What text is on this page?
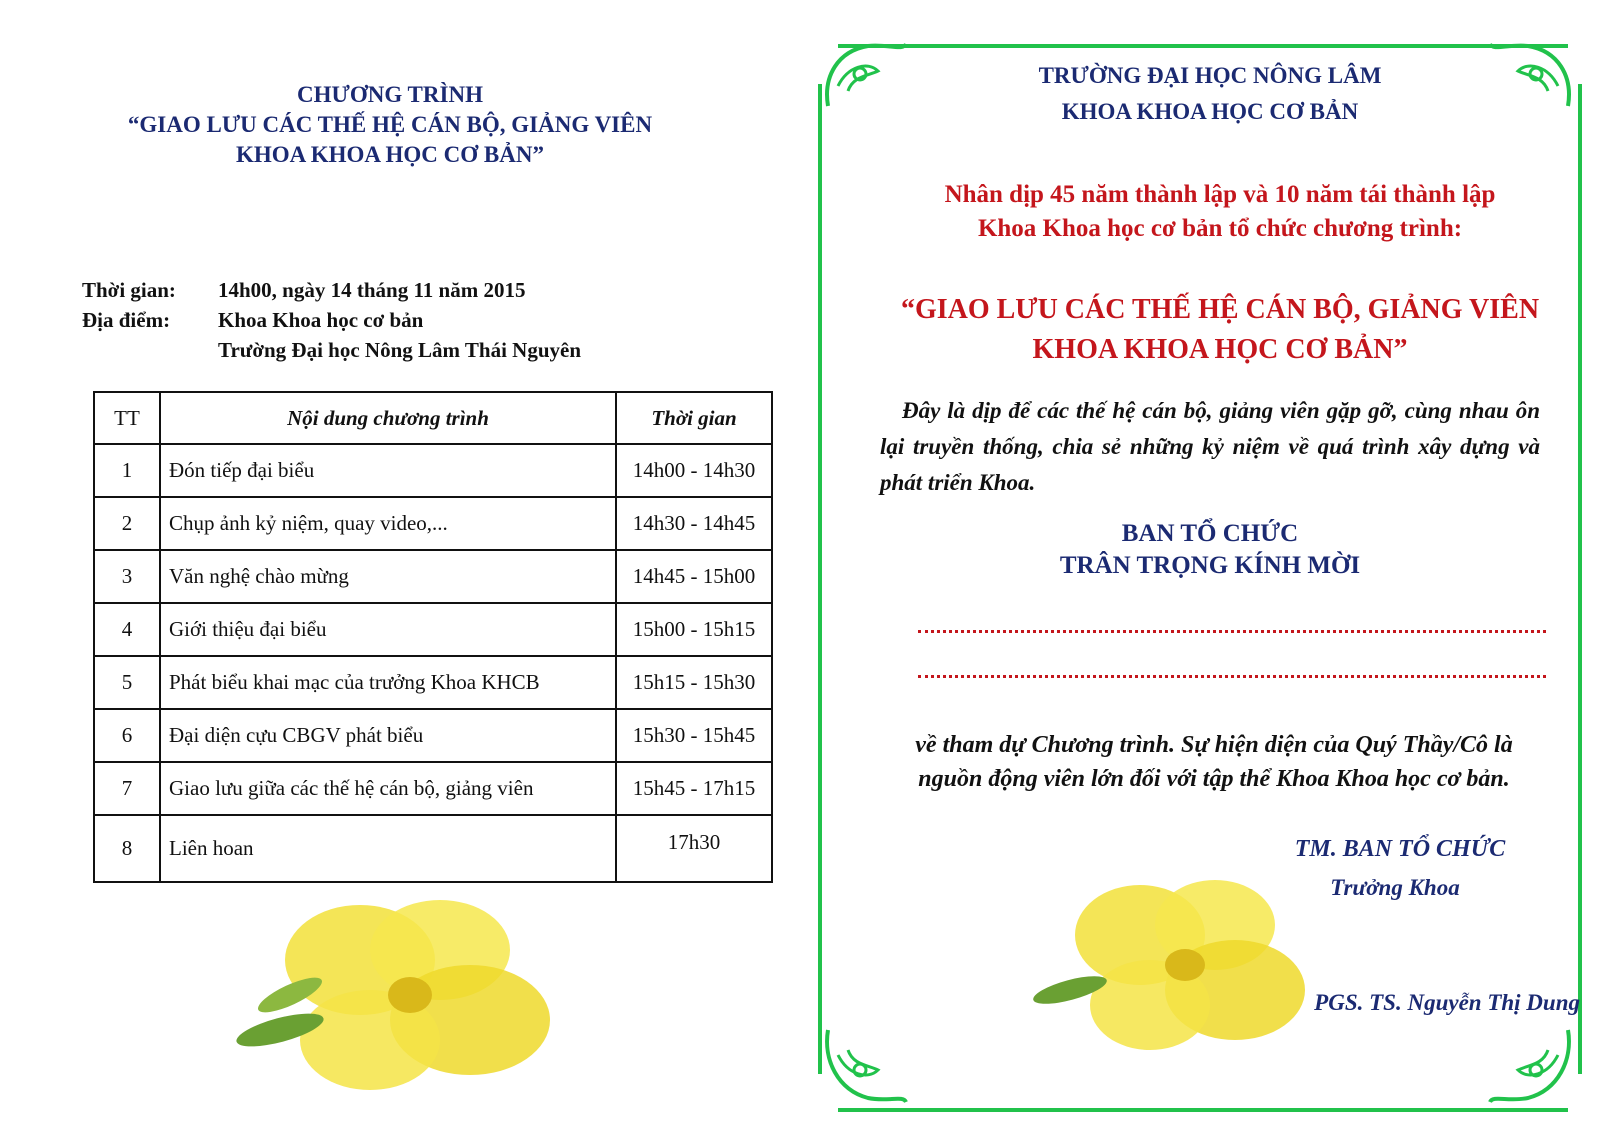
CHƯƠNG TRÌNH
“GIAO LƯU CÁC THẾ HỆ CÁN BỘ, GIẢNG VIÊN
KHOA KHOA HỌC CƠ BẢN”
Thời gian: 14h00, ngày 14 tháng 11 năm 2015
Địa điểm: Khoa Khoa học cơ bản
Trường Đại học Nông Lâm Thái Nguyên
TT	Nội dung chương trình	Thời gian
1	Đón tiếp đại biểu	14h00 - 14h30
2	Chụp ảnh kỷ niệm, quay video,...	14h30 - 14h45
3	Văn nghệ chào mừng	14h45 - 15h00
4	Giới thiệu đại biểu	15h00 - 15h15
5	Phát biểu khai mạc của trưởng Khoa KHCB	15h15 - 15h30
6	Đại diện cựu CBGV phát biểu	15h30 - 15h45
7	Giao lưu giữa các thế hệ cán bộ, giảng viên	15h45 - 17h15
8	Liên hoan	17h30
TRƯỜNG ĐẠI HỌC NÔNG LÂM
KHOA KHOA HỌC CƠ BẢN
Nhân dịp 45 năm thành lập và 10 năm tái thành lập
Khoa Khoa học cơ bản tổ chức chương trình:
“GIAO LƯU CÁC THẾ HỆ CÁN BỘ, GIẢNG VIÊN
KHOA KHOA HỌC CƠ BẢN”
Đây là dịp để các thế hệ cán bộ, giảng viên gặp gỡ, cùng nhau ôn lại truyền thống, chia sẻ những kỷ niệm về quá trình xây dựng và phát triển Khoa.
BAN TỔ CHỨC
TRÂN TRỌNG KÍNH MỜI
về tham dự Chương trình. Sự hiện diện của Quý Thầy/Cô là
nguồn động viên lớn đối với tập thể Khoa Khoa học cơ bản.
TM. BAN TỔ CHỨC
Trưởng Khoa
PGS. TS. Nguyễn Thị Dung
